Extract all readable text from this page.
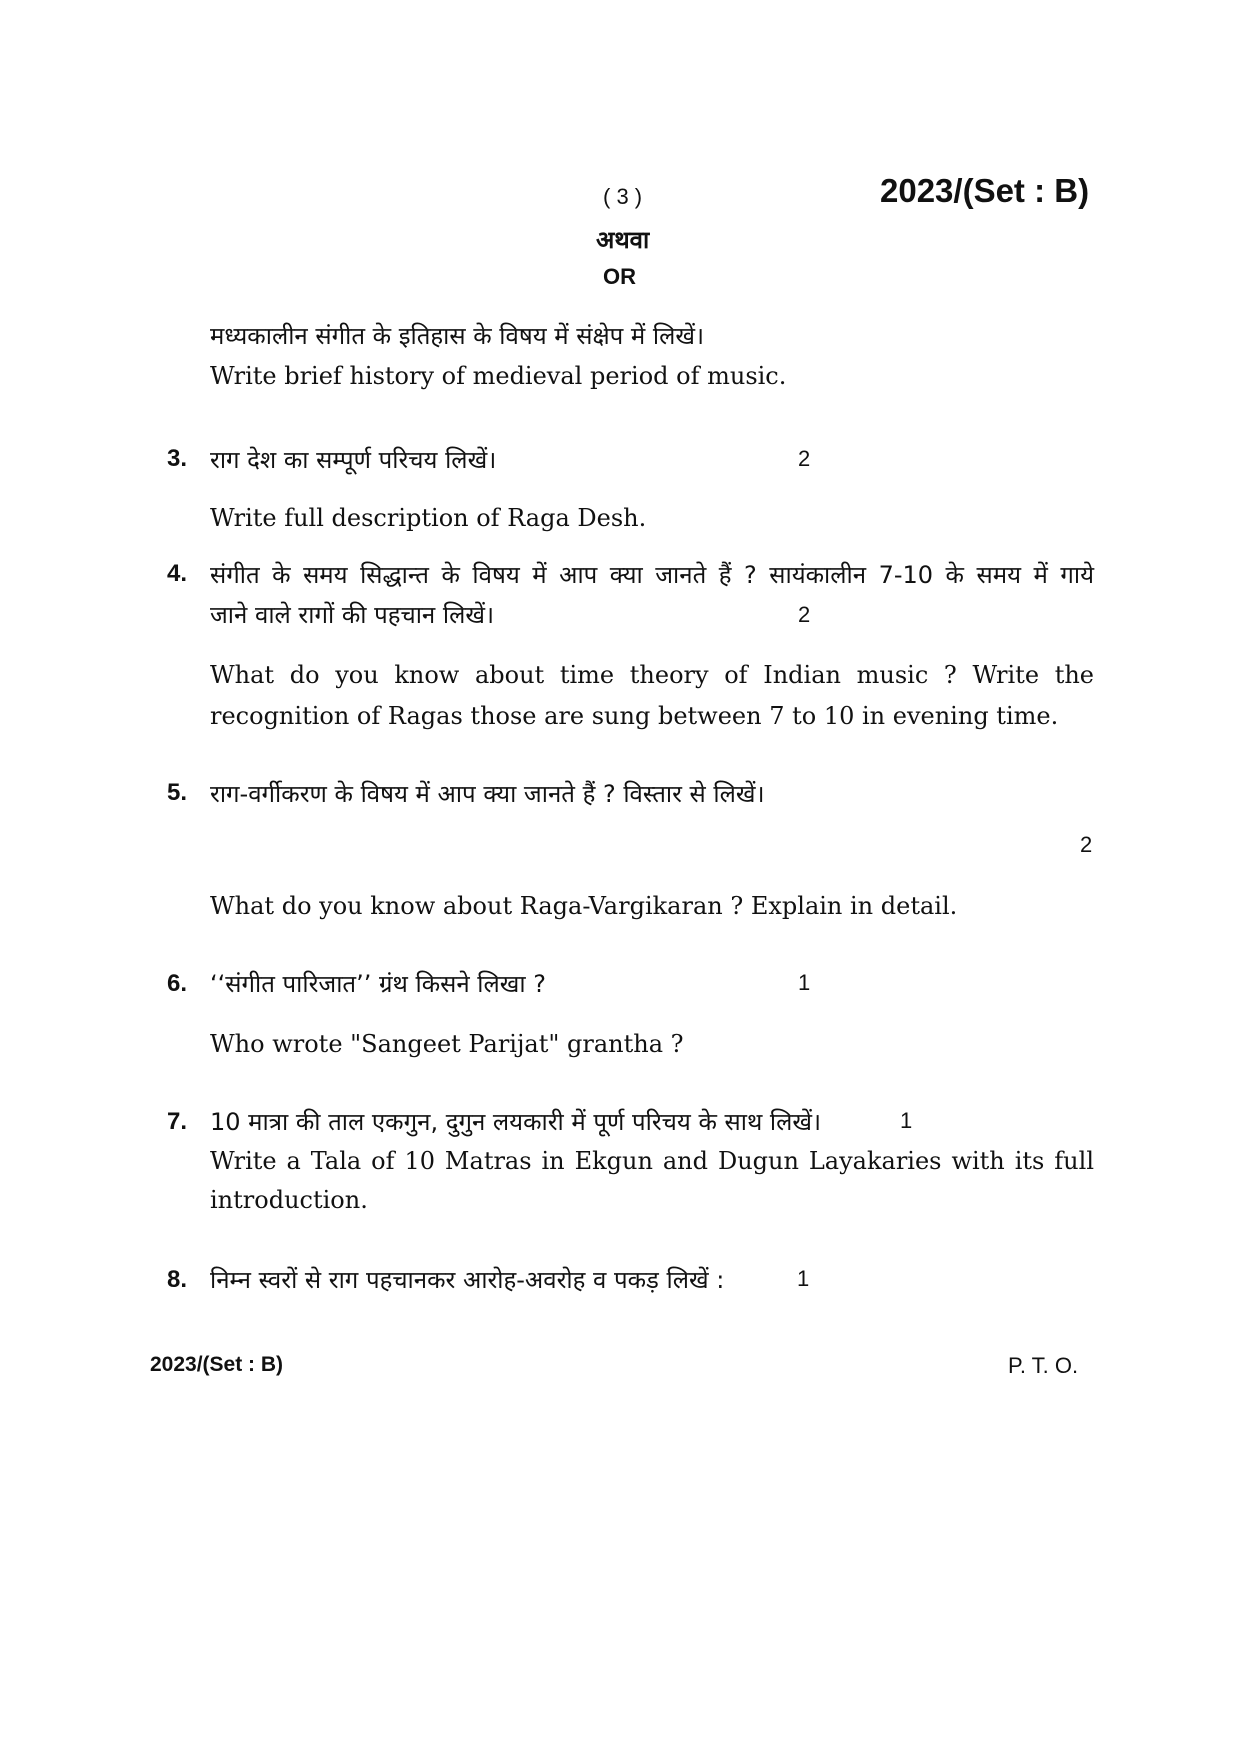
( 3 )	2023/(Set : B)
अथवा
OR
मध्यकालीन संगीत के इतिहास के विषय में संक्षेप में लिखें।
Write brief history of medieval period of music.
3. राग देश का सम्पूर्ण परिचय लिखें।	2
Write full description of Raga Desh.
4. संगीत के समय सिद्धान्त के विषय में आप क्या जानते हैं ? सायंकालीन 7-10 के समय में गाये
जाने वाले रागों की पहचान लिखें।	2
What do you know about time theory of Indian music ? Write the
recognition of Ragas those are sung between 7 to 10 in evening time.
5. राग-वर्गीकरण के विषय में आप क्या जानते हैं ? विस्तार से लिखें।
2
What do you know about Raga-Vargikaran ? Explain in detail.
6. ‘‘संगीत पारिजात’’ ग्रंथ किसने लिखा ?	1
Who wrote "Sangeet Parijat" grantha ?
7. 10 मात्रा की ताल एकगुन, दुगुन लयकारी में पूर्ण परिचय के साथ लिखें।	1
Write a Tala of 10 Matras in Ekgun and Dugun Layakaries with its full
introduction.
8. निम्न स्वरों से राग पहचानकर आरोह-अवरोह व पकड़ लिखें :	1
2023/(Set : B)	P. T. O.
